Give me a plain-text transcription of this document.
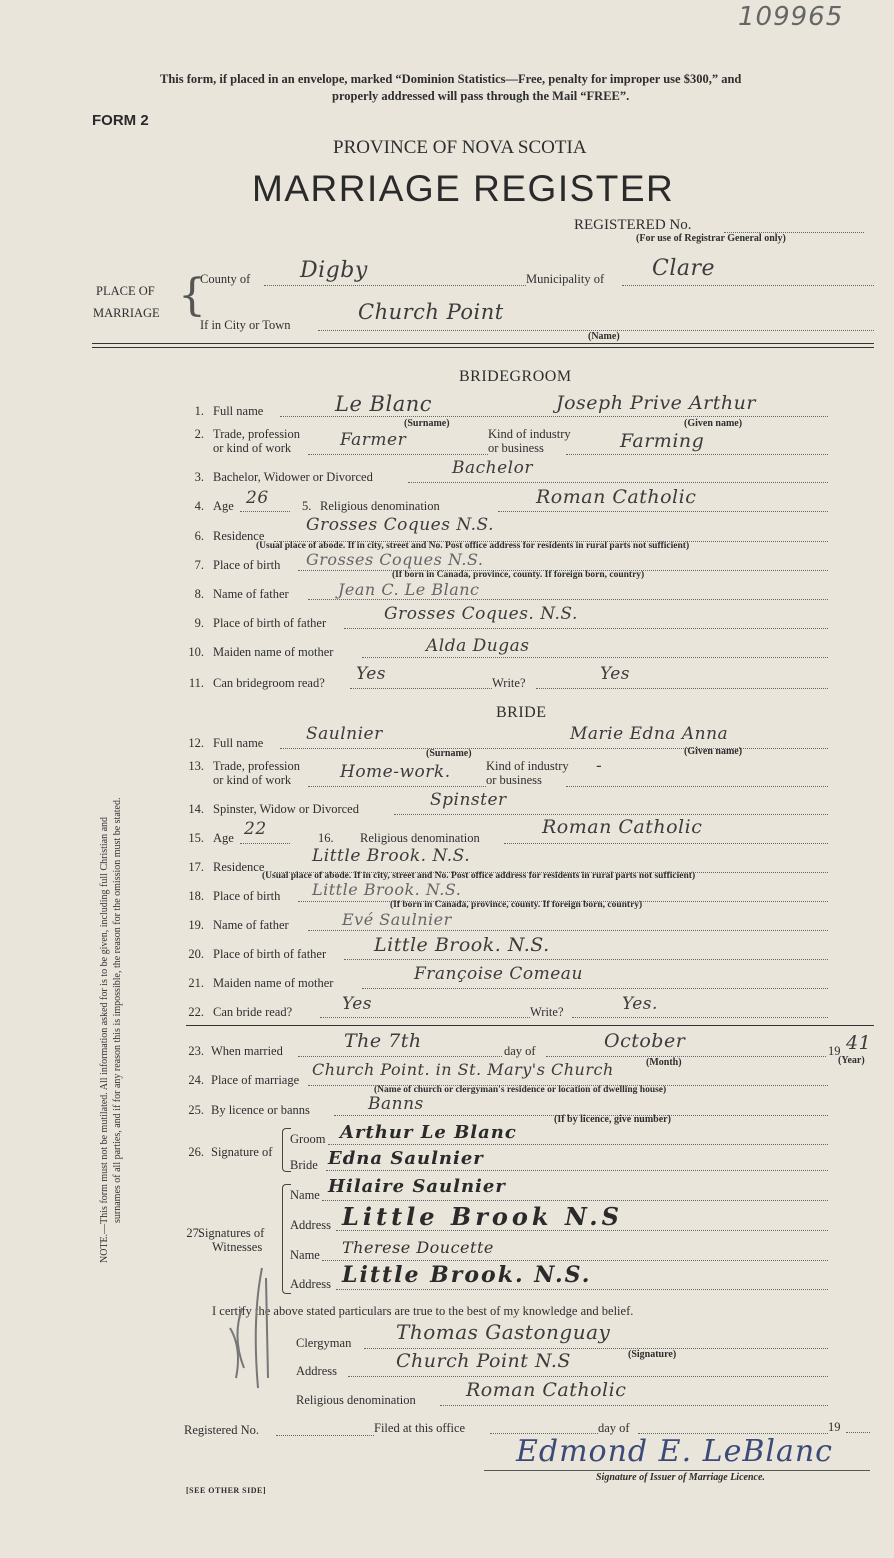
109965
This form, if placed in an envelope, marked “Dominion Statistics—Free, penalty for improper use $300,” and
properly addressed will pass through the Mail “FREE”.
FORM 2
PROVINCE OF NOVA SCOTIA
MARRIAGE REGISTER
REGISTERED No.
(For use of Registrar General only)
PLACE OF
MARRIAGE {
County of Digby	Municipality of Clare
If in City or Town
Church Point
(Name)
NOTE.—This form must not be mutilated. All information asked for is to be given, including full Christian and surnames of all parties, and if for any reason this is impossible, the reason for the omission must be stated.
BRIDEGROOM
1. Full name	Le Blanc	Joseph Prive Arthur
(Surname)	(Given name)
2. Trade, profession
or kind of work	Farmer	Kind of industry
or business	Farming
3. Bachelor, Widower or Divorced	Bachelor
4. Age 26	5. Religious denomination	Roman Catholic
6. Residence
Grosses Coques N.S.
(Usual place of abode. If in city, street and No. Post office address for residents in rural parts not sufficient)
7. Place of birth Grosses Coques N.S.
(If born in Canada, province, county. If foreign born, country)
8. Name of father	Jean C. Le Blanc
9. Place of birth of father	Grosses Coques. N.S.
10. Maiden name of mother	Alda Dugas
11. Can bridegroom read? Yes	Write?	Yes
BRIDE
12. Full name	Saulnier	Marie Edna Anna
(Surname)	(Given name)
13. Trade, profession
or kind of work	Home-work.	Kind of industry
or business
-
14. Spinster, Widow or Divorced	Spinster
15. Age 22	16. Religious denomination	Roman Catholic
17. Residence
Little Brook. N.S.
(Usual place of abode. If in city, street and No. Post office address for residents in rural parts not sufficient)
18. Place of birth Little Brook. N.S.
(If born in Canada, province, county. If foreign born, country)
19. Name of father	Evé Saulnier
20. Place of birth of father	Little Brook. N.S.
21. Maiden name of mother	Françoise Comeau
22. Can bride read?	Yes	Write?	Yes.
23. When married	The 7th	day of	October	19 41
(Month)	(Year)
24. Place of marriage
Church Point. in St. Mary's Church
(Name of church or clergyman's residence or location of dwelling house)
25. By licence or banns	Banns
(If by licence, give number)
26. Signature of
Groom Arthur Le Blanc
Bride Edna Saulnier
27.
Signatures of
Witnesses
Name Hilaire Saulnier
Address Little Brook N.S
Name Therese Doucette
Address Little Brook. N.S.
I certify the above stated particulars are true to the best of my knowledge and belief.
Clergyman Thomas Gastonguay
(Signature)
Address	Church Point N.S
Religious denomination	Roman Catholic
Registered No.	Filed at this office	day of	19
Edmond E. LeBlanc
Signature of Issuer of Marriage Licence.
[SEE OTHER SIDE]
